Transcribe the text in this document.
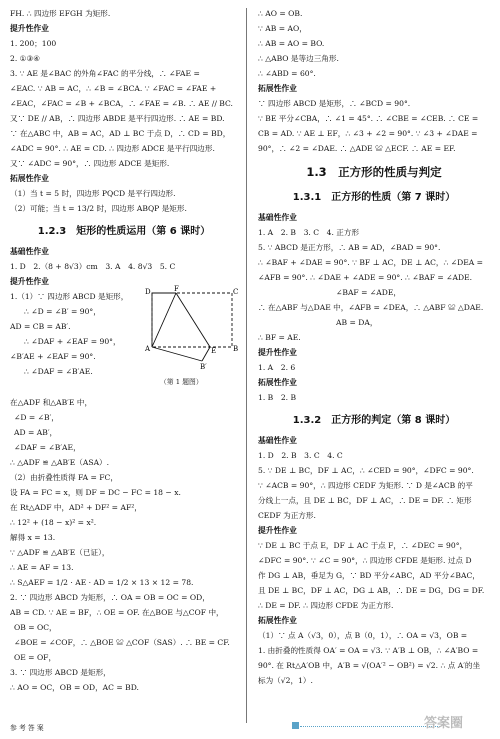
FH. ∴ 四边形 EFGH 为矩形.
提升性作业
1. 200；100
2. ①③④
3. ∵ AE 是∠BAC 的外角∠FAC 的平分线，∴ ∠FAE =
∠EAC. ∵ AB = AC，∴ ∠B = ∠BCA. ∵ ∠FAC = ∠FAE +
∠EAC，∠FAC = ∠B + ∠BCA，∴ ∠FAE = ∠B. ∴ AE // BC.
又∵ DE // AB，∴ 四边形 ABDE 是平行四边形. ∴ AE = BD.
∵ 在△ABC 中，AB = AC，AD ⊥ BC 于点 D，∴ CD = BD，
∠ADC = 90°. ∴ AE = CD. ∴ 四边形 ADCE 是平行四边形.
又∵ ∠ADC = 90°，∴ 四边形 ADCE 是矩形.
拓展性作业
（1）当 t = 5 时，四边形 PQCD 是平行四边形.
（2）可能；当 t = 13/2 时，四边形 ABQP 是矩形.
1.2.3　矩形的性质运用（第 6 课时）
基础性作业
1. D　2.（8 + 8√3）cm　3. A　4. 8√3　5. C
提升性作业
1.（1）∵ 四边形 ABCD 是矩形，
∴ ∠D = ∠B′ = 90°，
AD = CB = AB′.
∴ ∠DAF + ∠EAF = 90°，
∠B′AE + ∠EAF = 90°.
∴ ∠DAF = ∠B′AE.
D	F	C
A	E B
B′
（第 1 题图）
在△ADF 和△AB′E 中，
∠D = ∠B′，
AD = AB′，
∠DAF = ∠B′AE，
∴ △ADF ≌ △AB′E（ASA）.
（2）由折叠性质得 FA = FC，
设 FA = FC = x，则 DF = DC − FC = 18 − x.
在 Rt△ADF 中，AD² + DF² = AF²，
∴ 12² + (18 − x)² = x².
解得 x = 13.
∵ △ADF ≌ △AB′E（已证），
∴ AE = AF = 13.
∴ S△AEF = 1/2 · AE · AD = 1/2 × 13 × 12 = 78.
2. ∵ 四边形 ABCD 为矩形，∴ OA = OB = OC = OD，
AB = CD. ∵ AE = BF，∴ OE = OF. 在△BOE 与△COF 中，
OB = OC，
∠BOE = ∠COF，∴ △BOE ≌ △COF（SAS）. ∴ BE = CF.
OE = OF，
3. ∵ 四边形 ABCD 是矩形，
∴ AO = OC，OB = OD，AC = BD.
∴ AO = OB.
∵ AB = AO，
∴ AB = AO = BO.
∴ △ABO 是等边三角形.
∴ ∠ABD = 60°.
拓展性作业
∵ 四边形 ABCD 是矩形，∴ ∠BCD = 90°.
∵ BE 平分∠CBA，∴ ∠1 = 45°. ∴ ∠CBE = ∠CEB. ∴ CE =
CB = AD. ∵ AE ⊥ EF，∴ ∠3 + ∠2 = 90°. ∵ ∠3 + ∠DAE =
90°，∴ ∠2 = ∠DAE. ∴ △ADE ≌ △ECF. ∴ AE = EF.
1.3　正方形的性质与判定
1.3.1　正方形的性质（第 7 课时）
基础性作业
1. A　2. B　3. C　4. 正方形
5. ∵ ABCD 是正方形，∴ AB = AD，∠BAD = 90°.
∴ ∠BAF + ∠DAE = 90°. ∵ BF ⊥ AC，DE ⊥ AC，∴ ∠DEA =
∠AFB = 90°. ∴ ∠DAE + ∠ADE = 90°. ∴ ∠BAF = ∠ADE.
∠BAF = ∠ADE，
∴ 在△ABF 与△DAE 中，∠AFB = ∠DEA，∴ △ABF ≌ △DAE.
AB = DA，
∴ BF = AE.
提升性作业
1. A　2. 6
拓展性作业
1. B　2. B
1.3.2　正方形的判定（第 8 课时）
基础性作业
1. D　2. B　3. C　4. C
5. ∵ DE ⊥ BC，DF ⊥ AC，∴ ∠CED = 90°，∠DFC = 90°.
∵ ∠ACB = 90°，∴ 四边形 CEDF 为矩形. ∵ D 是∠ACB 的平
分线上一点，且 DE ⊥ BC，DF ⊥ AC，∴ DE = DF. ∴ 矩形
CEDF 为正方形.
提升性作业
∵ DE ⊥ BC 于点 E，DF ⊥ AC 于点 F，∴ ∠DEC = 90°，
∠DFC = 90°. ∵ ∠C = 90°，∴ 四边形 CFDE 是矩形. 过点 D
作 DG ⊥ AB，垂足为 G，∵ BD 平分∠ABC，AD 平分∠BAC，
且 DE ⊥ BC，DF ⊥ AC，DG ⊥ AB，∴ DE = DG，DG = DF.
∴ DE = DF. ∴ 四边形 CFDE 为正方形.
拓展性作业
（1）∵ 点 A（√3，0），点 B（0，1），∴ OA = √3，OB =
1. 由折叠的性质得 OA′ = OA = √3. ∵ A′B ⊥ OB，∴ ∠A′BO =
90°. 在 Rt△A′OB 中，A′B = √(OA′² − OB²) = √2. ∴ 点 A′的坐
标为（√2，1）.
参 考 答 案	答案圈
